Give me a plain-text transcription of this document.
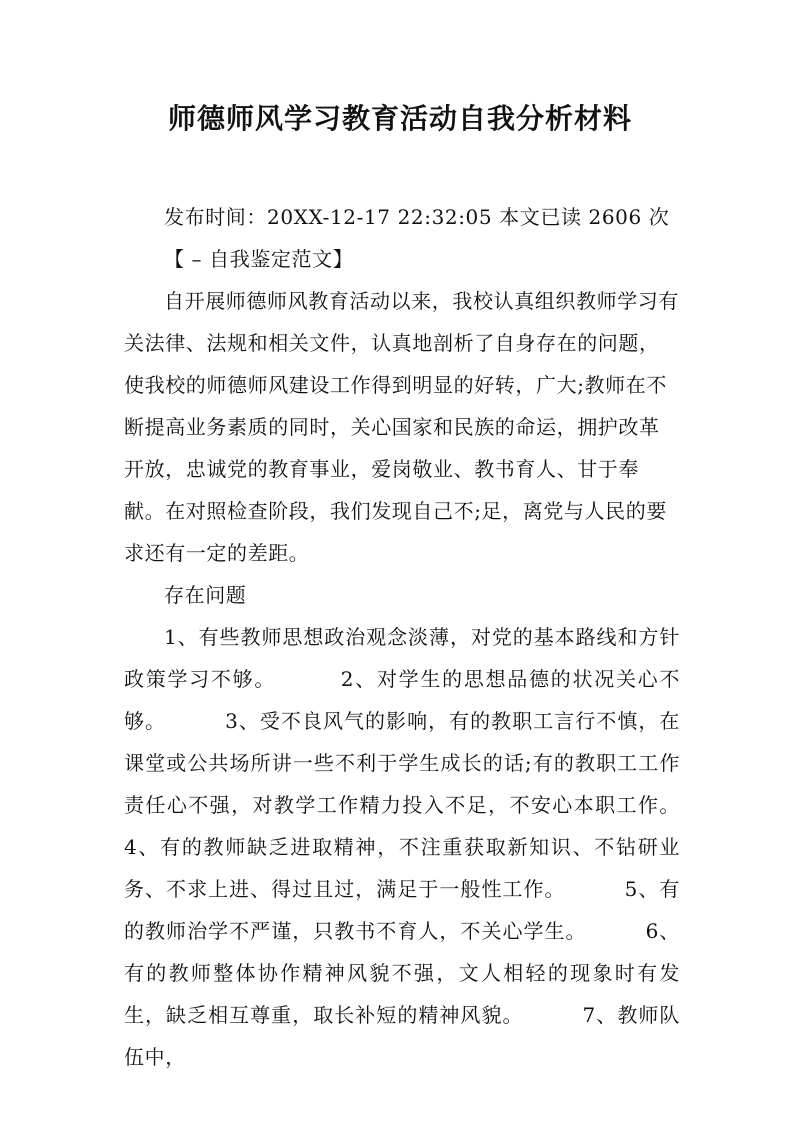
师德师风学习教育活动自我分析材料

发布时间：20XX-12-17 22:32:05 本文已读 2606 次

【 – 自我鉴定范文】

自开展师德师风教育活动以来，我校认真组织教师学习有关法律、法规和相关文件，认真地剖析了自身存在的问题，使我校的师德师风建设工作得到明显的好转，广大;教师在不断提高业务素质的同时，关心国家和民族的命运，拥护改革开放，忠诚党的教育事业，爱岗敬业、教书育人、甘于奉献。在对照检查阶段，我们发现自己不;足，离党与人民的要求还有一定的差距。

存在问题

1、有些教师思想政治观念淡薄，对党的基本路线和方针政策学习不够。        2、对学生的思想品德的状况关心不够。        3、受不良风气的影响，有的教职工言行不慎，在课堂或公共场所讲一些不利于学生成长的话;有的教职工工作责任心不强，对教学工作精力投入不足，不安心本职工作。 4、有的教师缺乏进取精神，不注重获取新知识、不钻研业务、不求上进、得过且过，满足于一般性工作。        5、有的教师治学不严谨，只教书不育人，不关心学生。        6、有的教师整体协作精神风貌不强，文人相轻的现象时有发生，缺乏相互尊重，取长补短的精神风貌。        7、教师队伍中，
